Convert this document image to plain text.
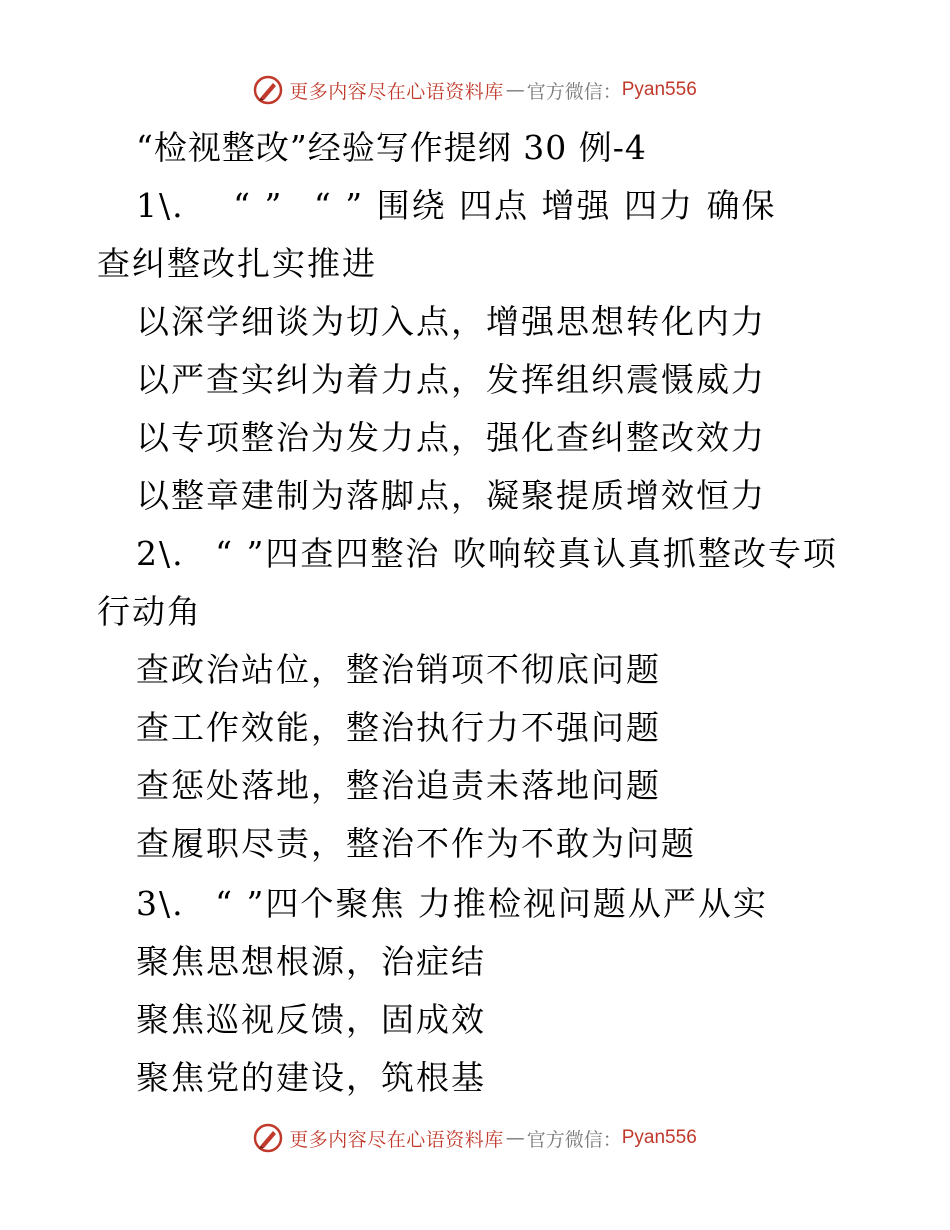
更多内容尽在心语资料库 — 官方微信： Pyan556
“检视整改”经验写作提纲 30 例-4
1\. “ ” “ ” 围绕 四点 增强 四力 确保
查纠整改扎实推进
以深学细谈为切入点，增强思想转化内力
以严查实纠为着力点，发挥组织震慑威力
以专项整治为发力点，强化查纠整改效力
以整章建制为落脚点，凝聚提质增效恒力
2\. “ ”四查四整治 吹响较真认真抓整改专项
行动角
查政治站位，整治销项不彻底问题
查工作效能，整治执行力不强问题
查惩处落地，整治追责未落地问题
查履职尽责，整治不作为不敢为问题
3\. “ ”四个聚焦 力推检视问题从严从实
聚焦思想根源，治症结
聚焦巡视反馈，固成效
聚焦党的建设，筑根基
更多内容尽在心语资料库 — 官方微信： Pyan556
